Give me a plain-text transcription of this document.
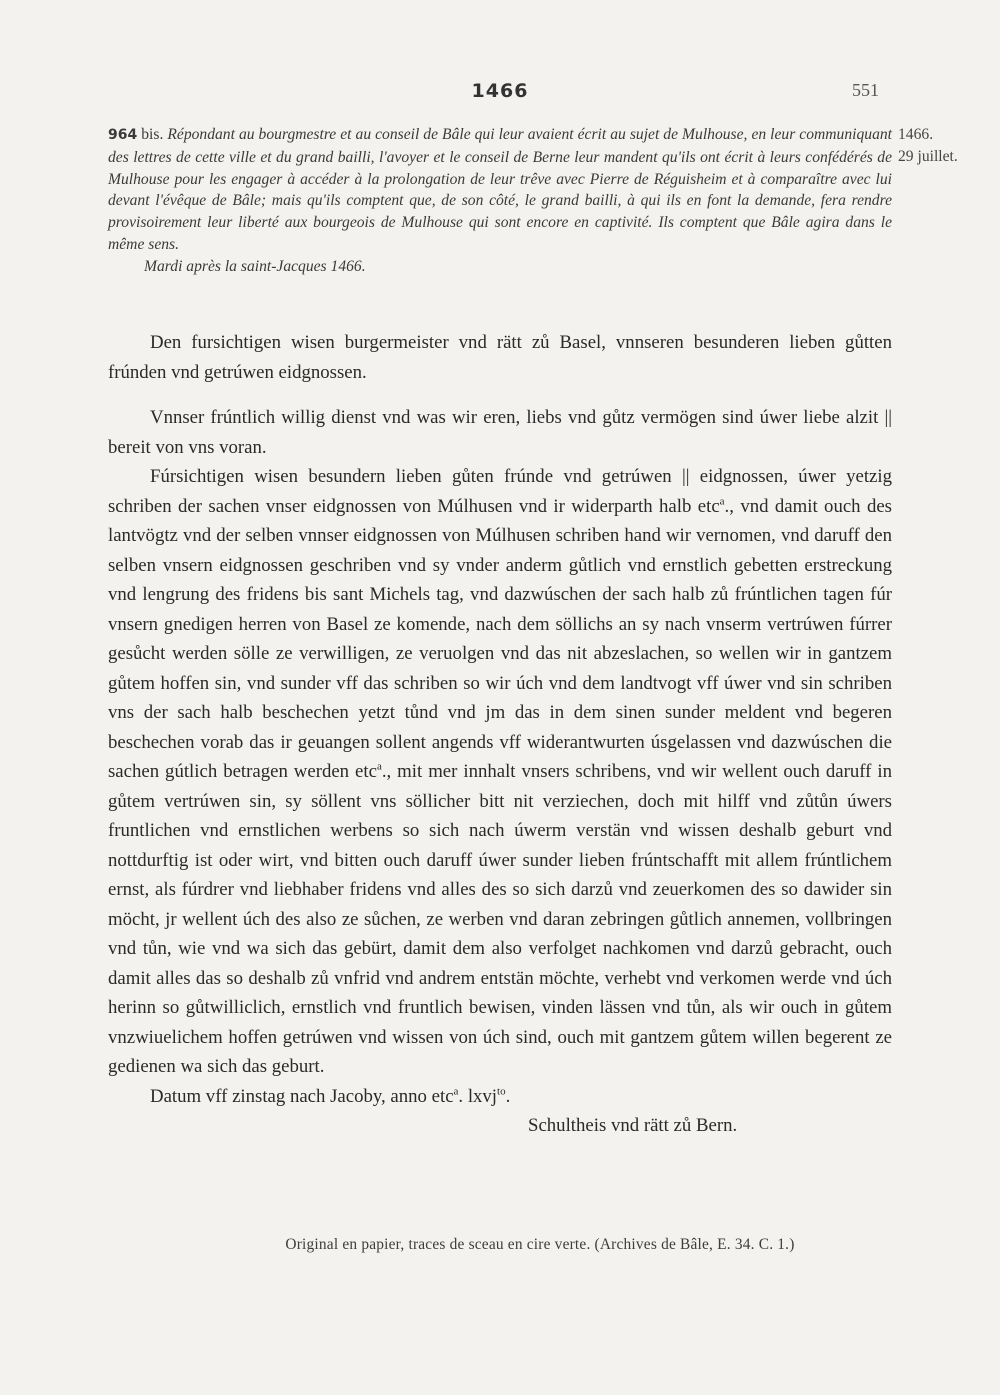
1466	551
964 bis. Répondant au bourgmestre et au conseil de Bâle qui leur avaient écrit au sujet de Mulhouse, en leur communiquant des lettres de cette ville et du grand bailli, l'avoyer et le conseil de Berne leur mandent qu'ils ont écrit à leurs confédérés de Mulhouse pour les engager à accéder à la prolongation de leur trêve avec Pierre de Réguisheim et à comparaître avec lui devant l'évêque de Bâle; mais qu'ils comptent que, de son côté, le grand bailli, à qui ils en font la demande, fera rendre provisoirement leur liberté aux bourgeois de Mulhouse qui sont encore en captivité. Ils comptent que Bâle agira dans le même sens.
Mardi après la saint-Jacques 1466.
1466.
29 juillet.

Den fursichtigen wisen burgermeister vnd rätt zů Basel, vnnseren besunderen lieben gůtten frúnden vnd getrúwen eidgnossen.

Vnnser frúntlich willig dienst vnd was wir eren, liebs vnd gůtz vermögen sind úwer liebe alzit || bereit von vns voran.

Fúrsichtigen wisen besundern lieben gůten frúnde vnd getrúwen || eidgnossen, úwer yetzig schriben der sachen vnser eidgnossen von Múlhusen vnd ir widerparth halb etc$^a$., vnd damit ouch des lantvögtz vnd der selben vnnser eidgnossen von Múlhusen schriben hand wir vernomen, vnd daruff den selben vnsern eidgnossen geschriben vnd sy vnder anderm gůtlich vnd ernstlich gebetten erstreckung vnd lengrung des fridens bis sant Michels tag, vnd dazwúschen der sach halb zů frúntlichen tagen fúr vnsern gnedigen herren von Basel ze komende, nach dem söllichs an sy nach vnserm vertrúwen fúrrer gesůcht werden sölle ze verwilligen, ze veruolgen vnd das nit abzeslachen, so wellen wir in gantzem gůtem hoffen sin, vnd sunder vff das schriben so wir úch vnd dem landtvogt vff úwer vnd sin schriben vns der sach halb beschechen yetzt tůnd vnd jm das in dem sinen sunder meldent vnd begeren beschechen vorab das ir geuangen sollent angends vff widerantwurten úsgelassen vnd dazwúschen die sachen gútlich betragen werden etc$^a$., mit mer innhalt vnsers schribens, vnd wir wellent ouch daruff in gůtem vertrúwen sin, sy söllent vns söllicher bitt nit verziechen, doch mit hilff vnd zůtůn úwers fruntlichen vnd ernstlichen werbens so sich nach úwerm verstän vnd wissen deshalb geburt vnd nottdurftig ist oder wirt, vnd bitten ouch daruff úwer sunder lieben frúntschafft mit allem frúntlichem ernst, als fúrdrer vnd liebhaber fridens vnd alles des so sich darzů vnd zeuerkomen des so dawider sin möcht, jr wellent úch des also ze sůchen, ze werben vnd daran zebringen gůtlich annemen, vollbringen vnd tůn, wie vnd wa sich das gebürt, damit dem also verfolget nachkomen vnd darzů gebracht, ouch damit alles das so deshalb zů vnfrid vnd andrem entstän möchte, verhebt vnd verkomen werde vnd úch herinn so gůtwilliclich, ernstlich vnd fruntlich bewisen, vinden lässen vnd tůn, als wir ouch in gůtem vnzwiuelichem hoffen getrúwen vnd wissen von úch sind, ouch mit gantzem gůtem willen begerent ze gedienen wa sich das geburt.

Datum vff zinstag nach Jacoby, anno etc$^a$. lxvj$^{to}$.

Schultheis vnd rätt zů Bern.

Original en papier, traces de sceau en cire verte. (Archives de Bâle, E. 34. C. 1.)
